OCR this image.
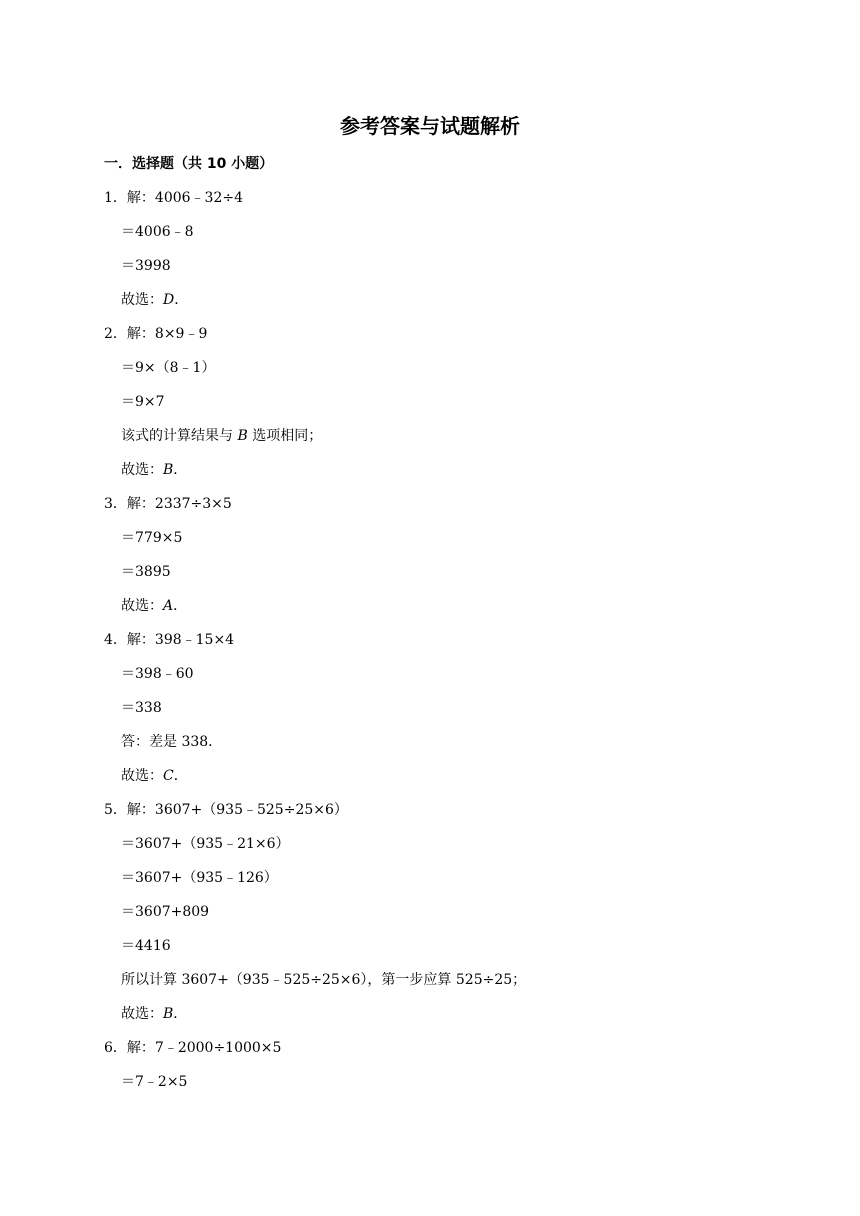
参考答案与试题解析
一．选择题（共 10 小题）
1．解：4006﹣32÷4
＝4006﹣8
＝3998
故选：D．
2．解：8×9﹣9
＝9×（8﹣1）
＝9×7
该式的计算结果与 B 选项相同；
故选：B．
3．解：2337÷3×5
＝779×5
＝3895
故选：A．
4．解：398﹣15×4
＝398﹣60
＝338
答：差是 338．
故选：C．
5．解：3607+（935﹣525÷25×6）
＝3607+（935﹣21×6）
＝3607+（935﹣126）
＝3607+809
＝4416
所以计算 3607+（935﹣525÷25×6），第一步应算 525÷25；
故选：B．
6．解：7﹣2000÷1000×5
＝7﹣2×5
